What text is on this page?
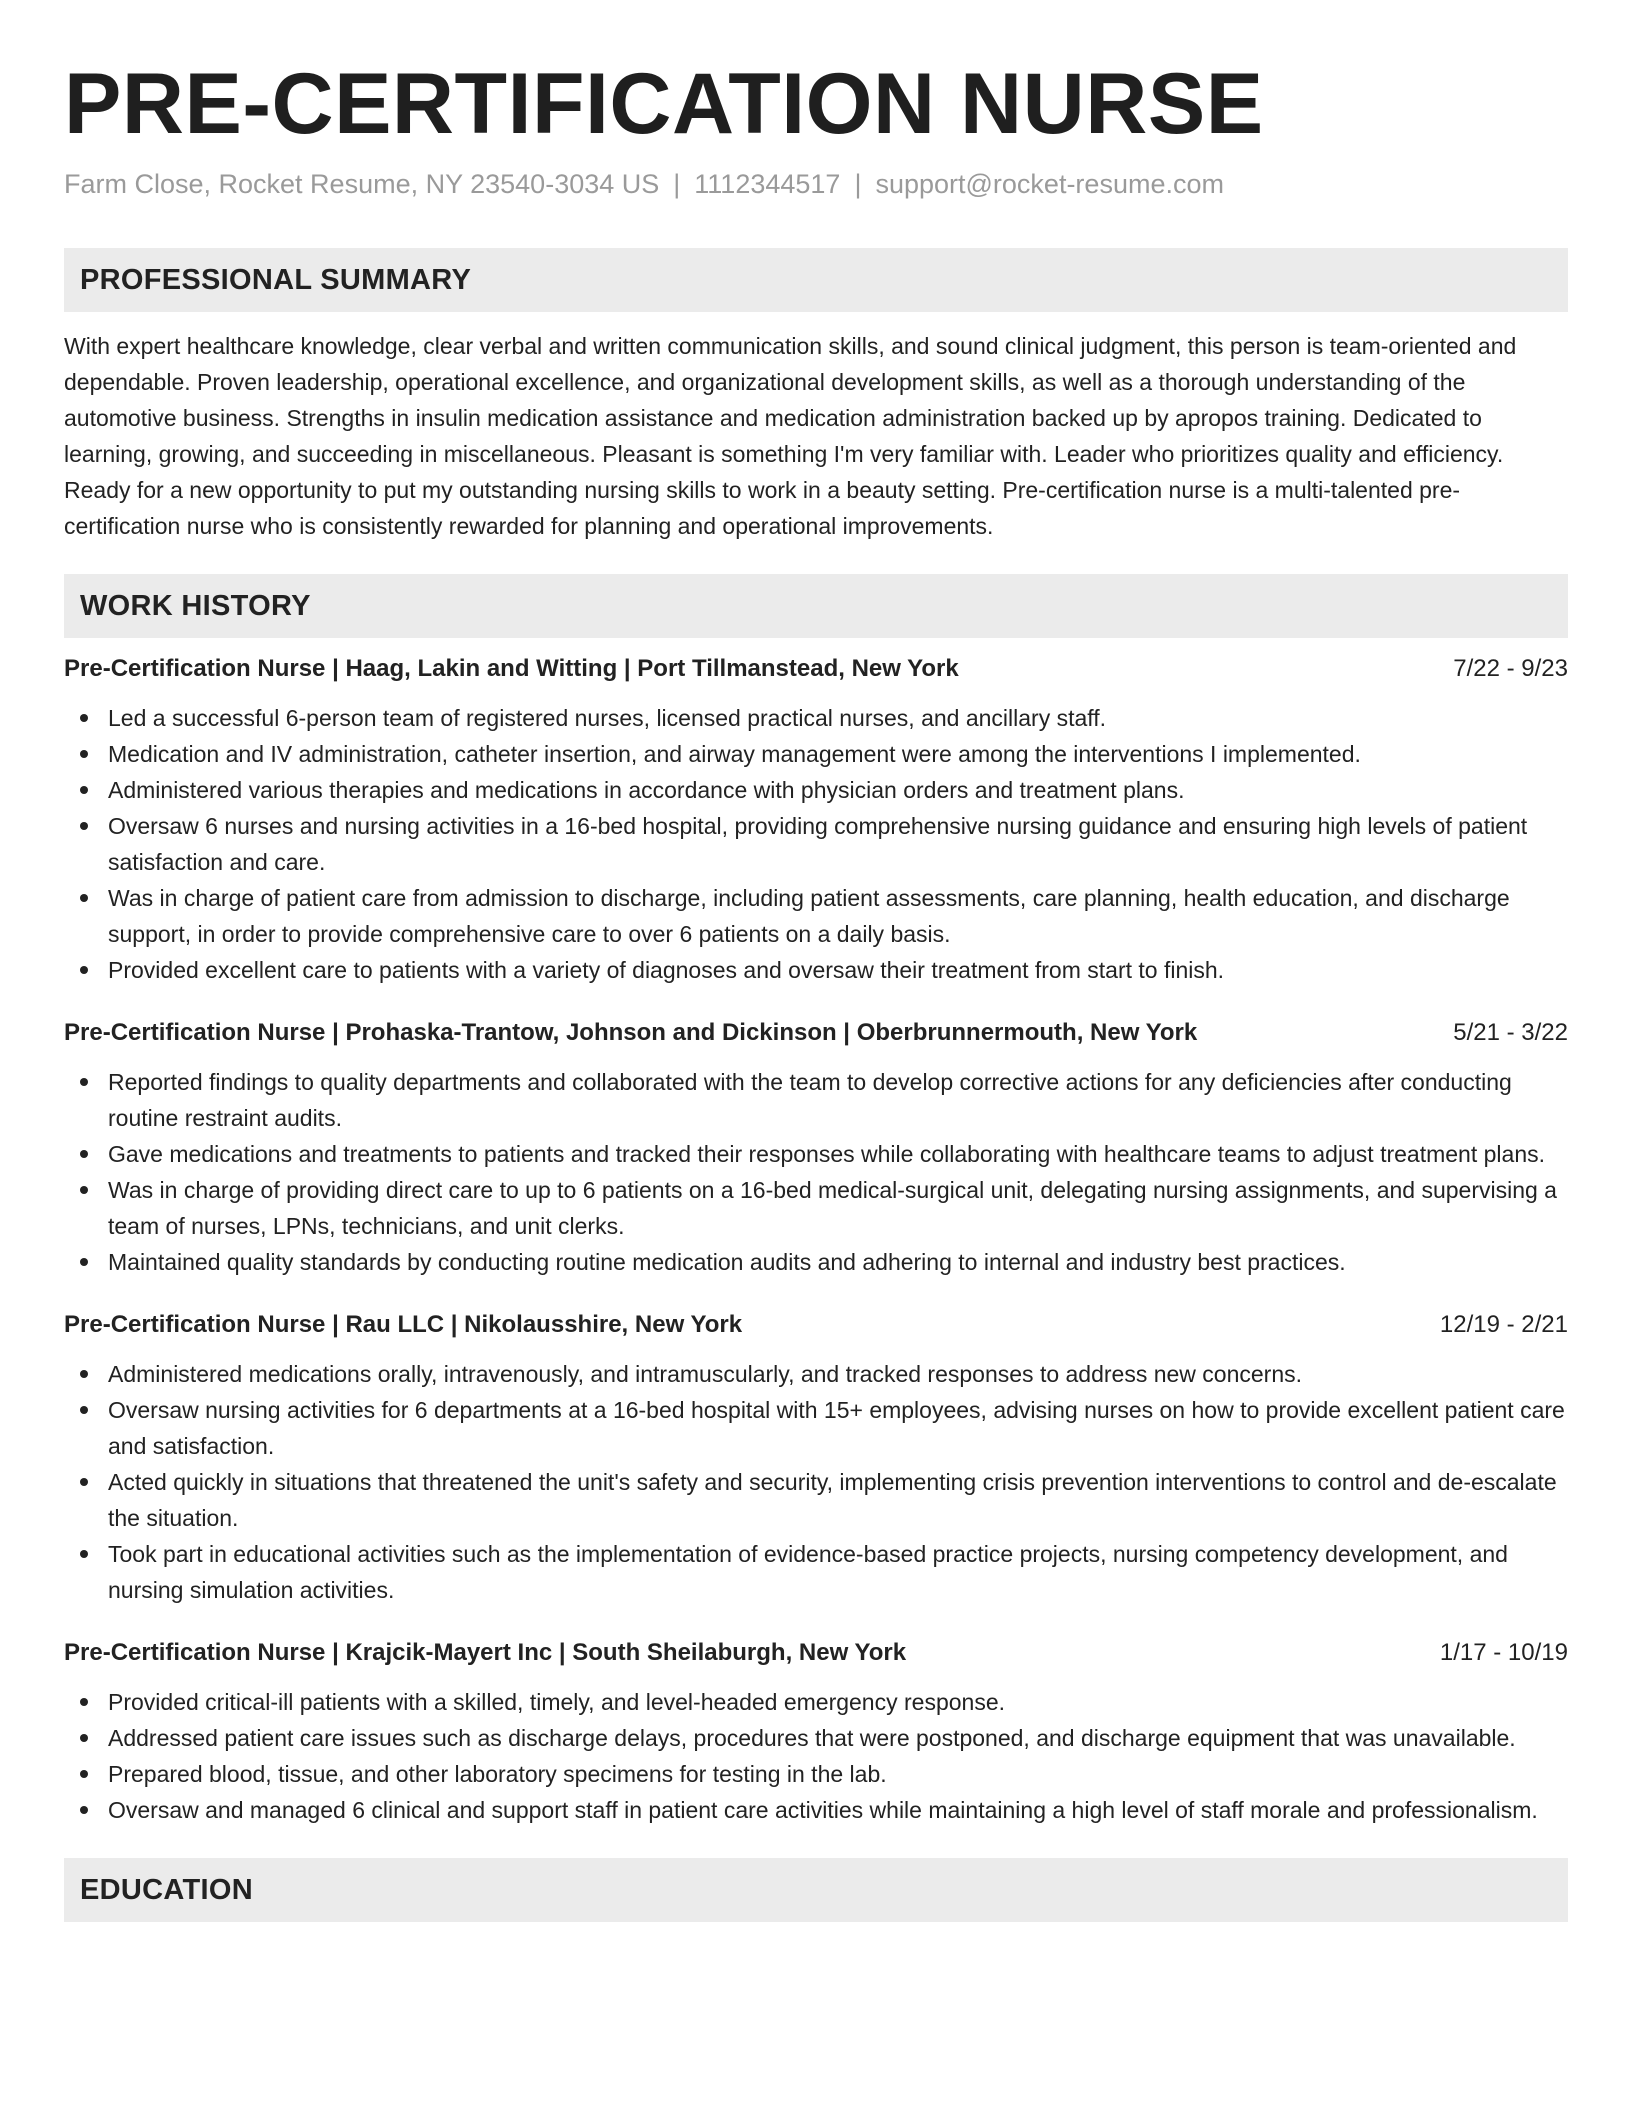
PRE-CERTIFICATION NURSE
Farm Close, Rocket Resume, NY 23540-3034 US | 1112344517 | support@rocket-resume.com
PROFESSIONAL SUMMARY
With expert healthcare knowledge, clear verbal and written communication skills, and sound clinical judgment, this person is team-oriented and dependable. Proven leadership, operational excellence, and organizational development skills, as well as a thorough understanding of the automotive business. Strengths in insulin medication assistance and medication administration backed up by apropos training. Dedicated to learning, growing, and succeeding in miscellaneous. Pleasant is something I'm very familiar with. Leader who prioritizes quality and efficiency. Ready for a new opportunity to put my outstanding nursing skills to work in a beauty setting. Pre-certification nurse is a multi-talented pre-certification nurse who is consistently rewarded for planning and operational improvements.
WORK HISTORY
Pre-Certification Nurse | Haag, Lakin and Witting | Port Tillmanstead, New York	7/22 - 9/23
Led a successful 6-person team of registered nurses, licensed practical nurses, and ancillary staff.
Medication and IV administration, catheter insertion, and airway management were among the interventions I implemented.
Administered various therapies and medications in accordance with physician orders and treatment plans.
Oversaw 6 nurses and nursing activities in a 16-bed hospital, providing comprehensive nursing guidance and ensuring high levels of patient satisfaction and care.
Was in charge of patient care from admission to discharge, including patient assessments, care planning, health education, and discharge support, in order to provide comprehensive care to over 6 patients on a daily basis.
Provided excellent care to patients with a variety of diagnoses and oversaw their treatment from start to finish.
Pre-Certification Nurse | Prohaska-Trantow, Johnson and Dickinson | Oberbrunnermouth, New York	5/21 - 3/22
Reported findings to quality departments and collaborated with the team to develop corrective actions for any deficiencies after conducting routine restraint audits.
Gave medications and treatments to patients and tracked their responses while collaborating with healthcare teams to adjust treatment plans.
Was in charge of providing direct care to up to 6 patients on a 16-bed medical-surgical unit, delegating nursing assignments, and supervising a team of nurses, LPNs, technicians, and unit clerks.
Maintained quality standards by conducting routine medication audits and adhering to internal and industry best practices.
Pre-Certification Nurse | Rau LLC | Nikolausshire, New York	12/19 - 2/21
Administered medications orally, intravenously, and intramuscularly, and tracked responses to address new concerns.
Oversaw nursing activities for 6 departments at a 16-bed hospital with 15+ employees, advising nurses on how to provide excellent patient care and satisfaction.
Acted quickly in situations that threatened the unit's safety and security, implementing crisis prevention interventions to control and de-escalate the situation.
Took part in educational activities such as the implementation of evidence-based practice projects, nursing competency development, and nursing simulation activities.
Pre-Certification Nurse | Krajcik-Mayert Inc | South Sheilaburgh, New York	1/17 - 10/19
Provided critical-ill patients with a skilled, timely, and level-headed emergency response.
Addressed patient care issues such as discharge delays, procedures that were postponed, and discharge equipment that was unavailable.
Prepared blood, tissue, and other laboratory specimens for testing in the lab.
Oversaw and managed 6 clinical and support staff in patient care activities while maintaining a high level of staff morale and professionalism.
EDUCATION
